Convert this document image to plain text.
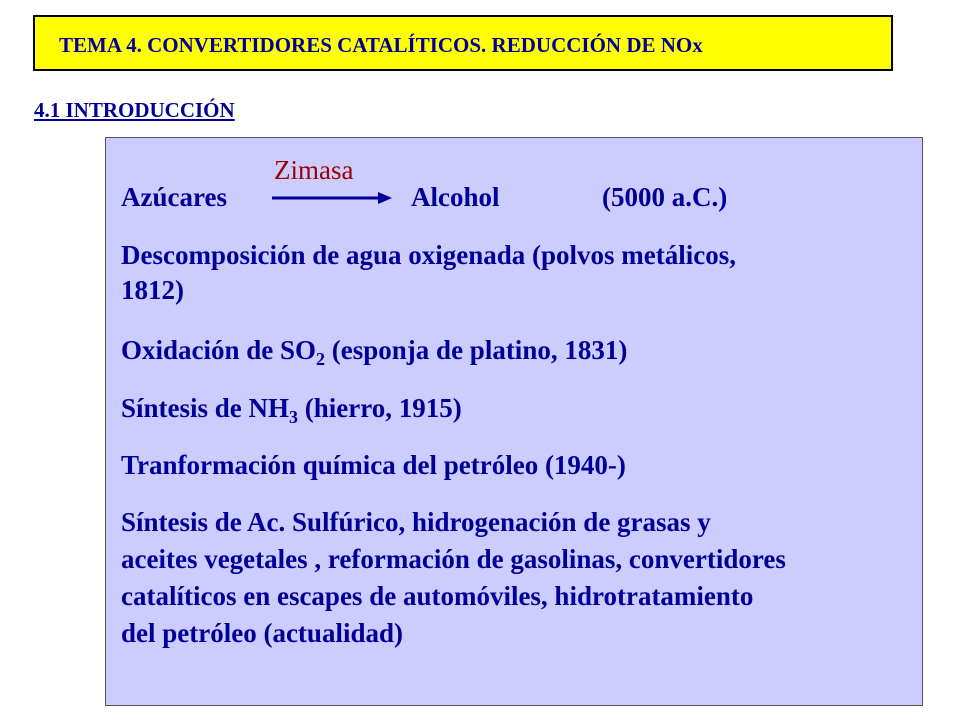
TEMA 4. CONVERTIDORES CATALÍTICOS. REDUCCIÓN DE NOx
4.1 INTRODUCCIÓN
Zimasa
Azúcares	Alcohol	(5000 a.C.)
Descomposición de agua oxigenada (polvos metálicos,
1812)
Oxidación de $SO_2$ (esponja de platino, 1831)
Síntesis de $NH_3$ (hierro, 1915)
Tranformación química del petróleo (1940-)
Síntesis de Ac. Sulfúrico, hidrogenación de grasas y
aceites vegetales , reformación de gasolinas, convertidores
catalíticos en escapes de automóviles, hidrotratamiento
del petróleo (actualidad)
